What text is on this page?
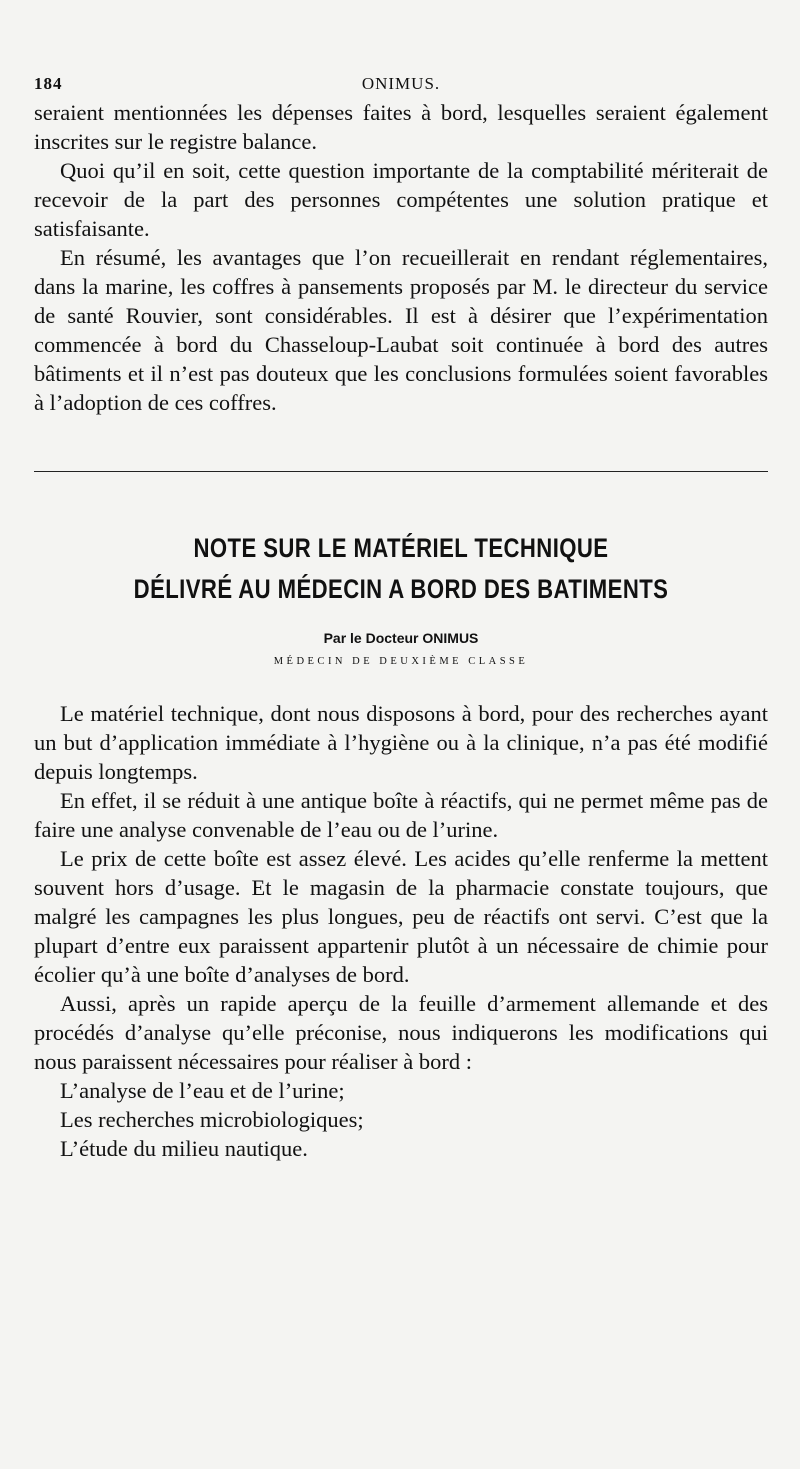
184	ONIMUS.

seraient mentionnées les dépenses faites à bord, lesquelles seraient également inscrites sur le registre balance.

Quoi qu’il en soit, cette question importante de la comptabilité mériterait de recevoir de la part des personnes compétentes une solution pratique et satisfaisante.

En résumé, les avantages que l’on recueillerait en rendant réglementaires, dans la marine, les coffres à pansements proposés par M. le directeur du service de santé Rouvier, sont considérables. Il est à désirer que l’expérimentation commencée à bord du Chasseloup-Laubat soit continuée à bord des autres bâtiments et il n’est pas douteux que les conclusions formulées soient favorables à l’adoption de ces coffres.

NOTE SUR LE MATÉRIEL TECHNIQUE
DÉLIVRÉ AU MÉDECIN A BORD DES BATIMENTS
Par le Docteur ONIMUS
MÉDECIN DE DEUXIÈME CLASSE

Le matériel technique, dont nous disposons à bord, pour des recherches ayant un but d’application immédiate à l’hygiène ou à la clinique, n’a pas été modifié depuis longtemps.

En effet, il se réduit à une antique boîte à réactifs, qui ne permet même pas de faire une analyse convenable de l’eau ou de l’urine.

Le prix de cette boîte est assez élevé. Les acides qu’elle renferme la mettent souvent hors d’usage. Et le magasin de la pharmacie constate toujours, que malgré les campagnes les plus longues, peu de réactifs ont servi. C’est que la plupart d’entre eux paraissent appartenir plutôt à un nécessaire de chimie pour écolier qu’à une boîte d’analyses de bord.

Aussi, après un rapide aperçu de la feuille d’armement allemande et des procédés d’analyse qu’elle préconise, nous indiquerons les modifications qui nous paraissent nécessaires pour réaliser à bord :

L’analyse de l’eau et de l’urine;

Les recherches microbiologiques;

L’étude du milieu nautique.
